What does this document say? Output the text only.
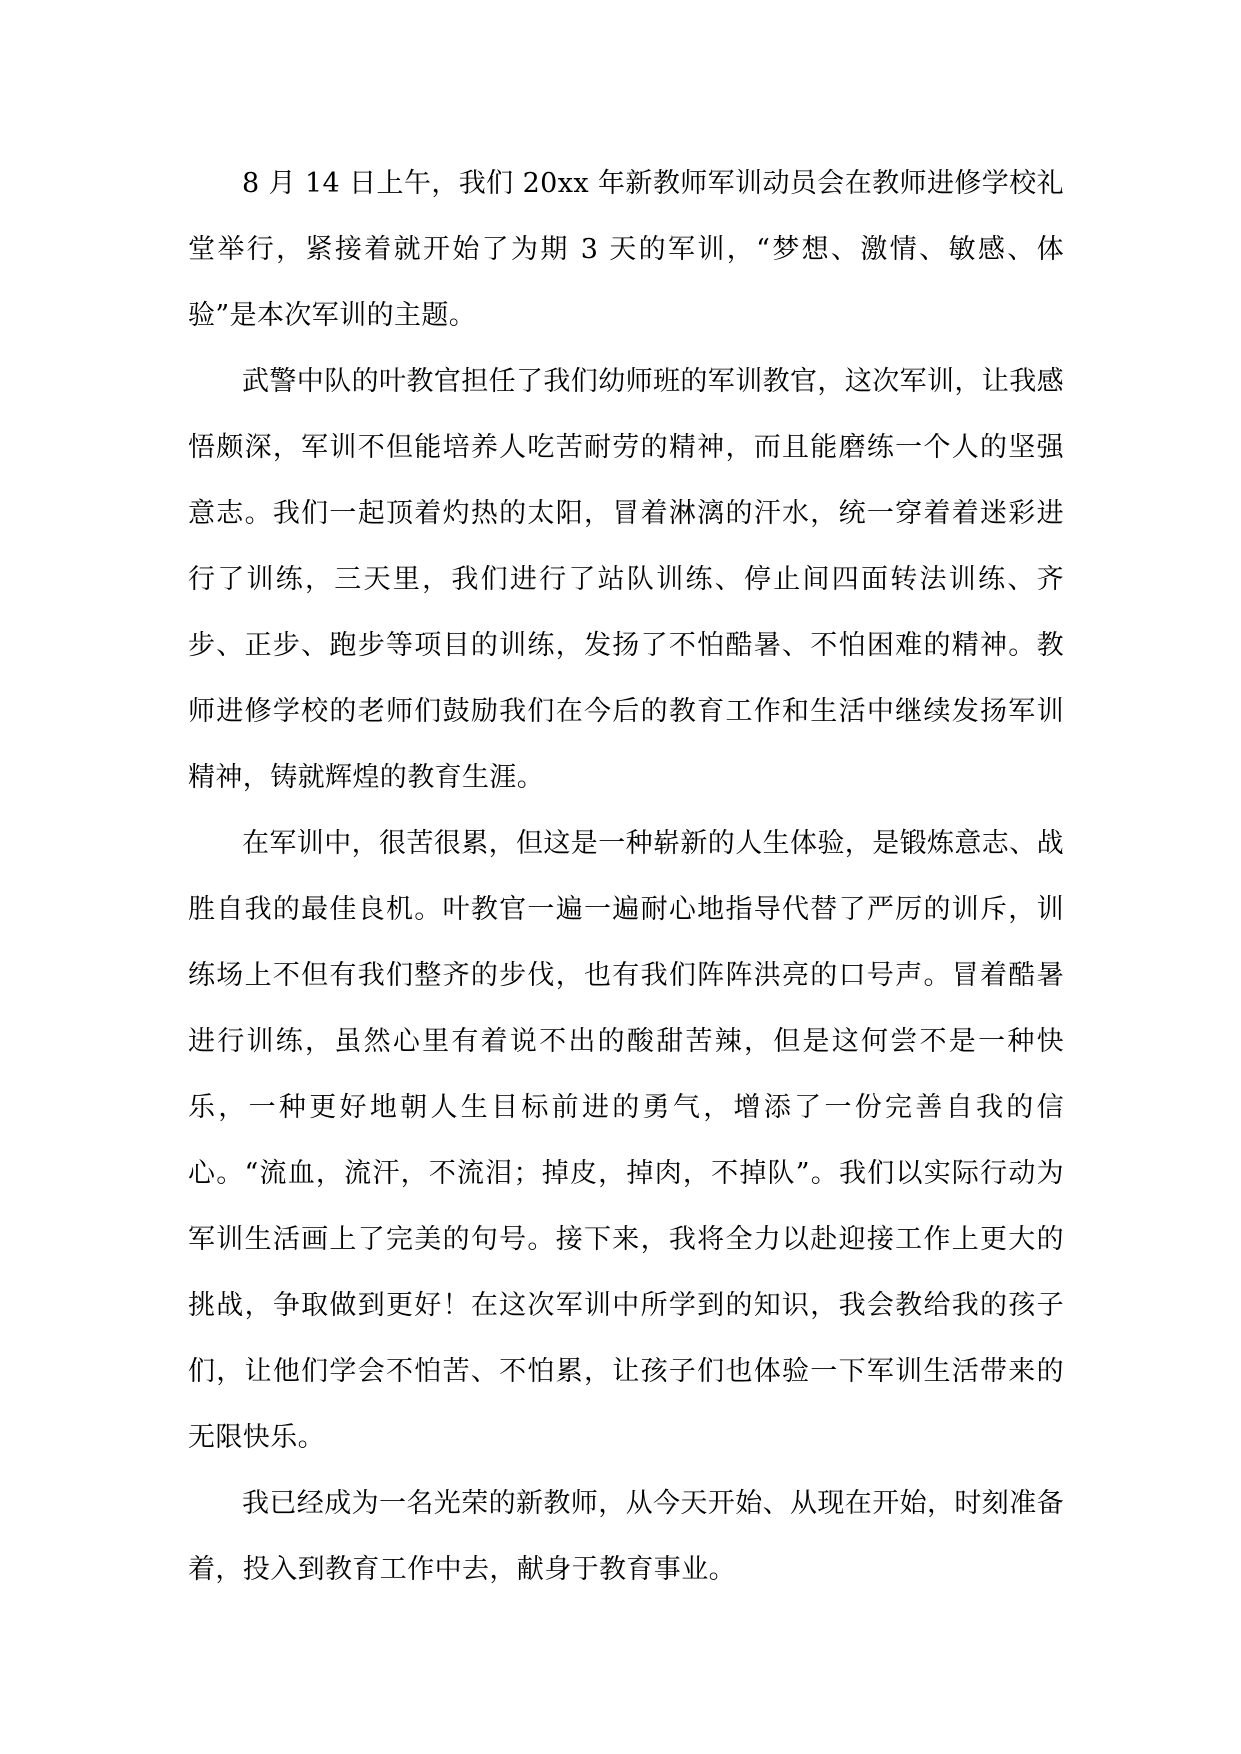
8 月 14 日上午，我们 20xx 年新教师军训动员会在教师进修学校礼堂举行，紧接着就开始了为期 3 天的军训，“梦想、激情、敏感、体验”是本次军训的主题。

武警中队的叶教官担任了我们幼师班的军训教官，这次军训，让我感悟颇深，军训不但能培养人吃苦耐劳的精神，而且能磨练一个人的坚强意志。我们一起顶着灼热的太阳，冒着淋漓的汗水，统一穿着着迷彩进行了训练，三天里，我们进行了站队训练、停止间四面转法训练、齐步、正步、跑步等项目的训练，发扬了不怕酷暑、不怕困难的精神。教师进修学校的老师们鼓励我们在今后的教育工作和生活中继续发扬军训精神，铸就辉煌的教育生涯。

在军训中，很苦很累，但这是一种崭新的人生体验，是锻炼意志、战胜自我的最佳良机。叶教官一遍一遍耐心地指导代替了严厉的训斥，训练场上不但有我们整齐的步伐，也有我们阵阵洪亮的口号声。冒着酷暑进行训练，虽然心里有着说不出的酸甜苦辣，但是这何尝不是一种快乐，一种更好地朝人生目标前进的勇气，增添了一份完善自我的信心。“流血，流汗，不流泪；掉皮，掉肉，不掉队”。我们以实际行动为军训生活画上了完美的句号。接下来，我将全力以赴迎接工作上更大的挑战，争取做到更好！在这次军训中所学到的知识，我会教给我的孩子们，让他们学会不怕苦、不怕累，让孩子们也体验一下军训生活带来的无限快乐。

我已经成为一名光荣的新教师，从今天开始、从现在开始，时刻准备着，投入到教育工作中去，献身于教育事业。
